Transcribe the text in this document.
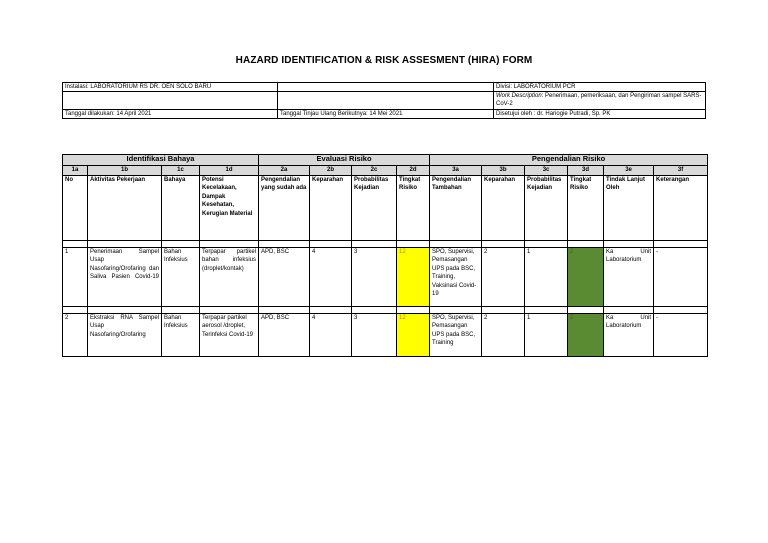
HAZARD IDENTIFICATION & RISK ASSESMENT (HIRA) FORM
Instalasi: LABORATORIUM RS DR. OEN SOLO BARU		Divisi: LABORATORIUM PCR
		Work Description: Penerimaan, pemeriksaan, dan Pengiriman sampel SARS- CoV-2
Tanggal dilakukan: 14 April 2021	Tanggal Tinjau Ulang Berikutnya: 14 Mei 2021	Disetujui oleh : dr. Hariogie Putradi, Sp. PK
Identifikasi Bahaya				Evaluasi Risiko				Pengendalian Risiko					
1a	1b	1c	1d	2a	2b	2c	2d	3a	3b	3c	3d	3e	3f
No	Aktivitas Pekerjaan	Bahaya	Potensi Kecelakaan, Dampak Kesehatan, Kerugian Material	Pengendalian yang sudah ada	Keparahan	Probabilitas Kejadian	Tingkat Risiko	Pengendalian Tambahan	Keparahan	Probabilitas Kejadian	Tingkat Risiko	Tindak Lanjut Oleh	Keterangan

1	Penerimaan Sampel Usap Nasofaring/Orofaring dan Saliva Pasien Covid-19	Bahan Infeksius	Terpapar partikel bahan infeksius (droplet/kontak)	APD, BSC	4	3	12	SPO, Supervisi, Pemasangan UPS pada BSC, Training, Vaksinasi Covid-19	2	1	2	Ka Unit Laboratorium	-

2	Ekstraksi RNA Sampel Usap Nasofaring/Orofaring	Bahan Infeksius	Terpapar partikel aerosol /droplet, Terinfeksi Covid-19	APD, BSC	4	3	12	SPO, Supervisi, Pemasangan UPS pada BSC, Training	2	1	2	Ka Unit Laboratorium	-
